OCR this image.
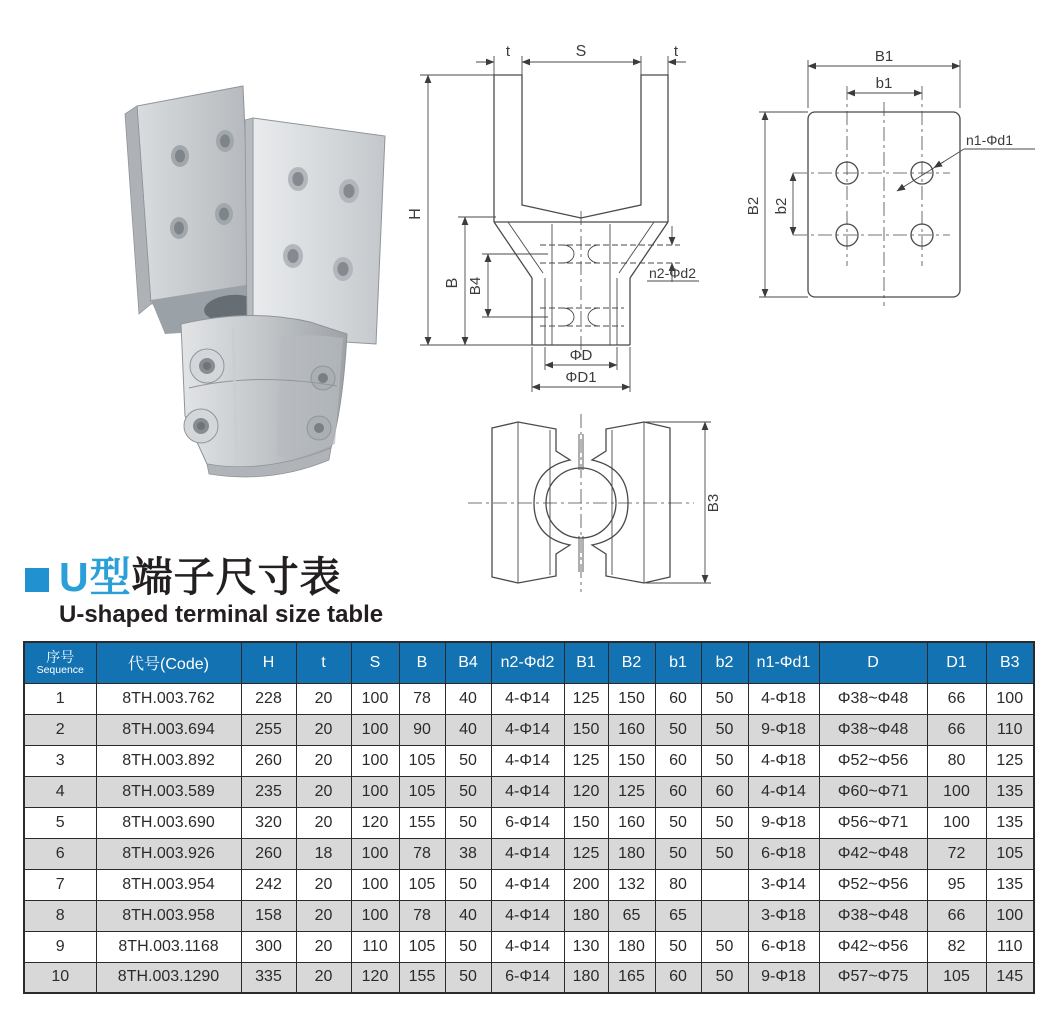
H
t	S	t
B B4
n2-Φd2
ΦD
ΦD1
B1
b1
B2 b2
n1-Φd1
B3
U型端子尺寸表
U-shaped terminal size table
序号
Sequence	代号(Code)	H	t	S	B	B4	n2-Φd2	B1	B2	b1	b2	n1-Φd1	D	D1	B3
1	8TH.003.762	228	20	100	78	40	4-Φ14	125	150	60	50	4-Φ18	Φ38~Φ48	66	100
2	8TH.003.694	255	20	100	90	40	4-Φ14	150	160	50	50	9-Φ18	Φ38~Φ48	66	110
3	8TH.003.892	260	20	100	105	50	4-Φ14	125	150	60	50	4-Φ18	Φ52~Φ56	80	125
4	8TH.003.589	235	20	100	105	50	4-Φ14	120	125	60	60	4-Φ14	Φ60~Φ71	100	135
5	8TH.003.690	320	20	120	155	50	6-Φ14	150	160	50	50	9-Φ18	Φ56~Φ71	100	135
6	8TH.003.926	260	18	100	78	38	4-Φ14	125	180	50	50	6-Φ18	Φ42~Φ48	72	105
7	8TH.003.954	242	20	100	105	50	4-Φ14	200	132	80		3-Φ14	Φ52~Φ56	95	135
8	8TH.003.958	158	20	100	78	40	4-Φ14	180	65	65		3-Φ18	Φ38~Φ48	66	100
9	8TH.003.1168	300	20	110	105	50	4-Φ14	130	180	50	50	6-Φ18	Φ42~Φ56	82	110
10	8TH.003.1290	335	20	120	155	50	6-Φ14	180	165	60	50	9-Φ18	Φ57~Φ75	105	145
